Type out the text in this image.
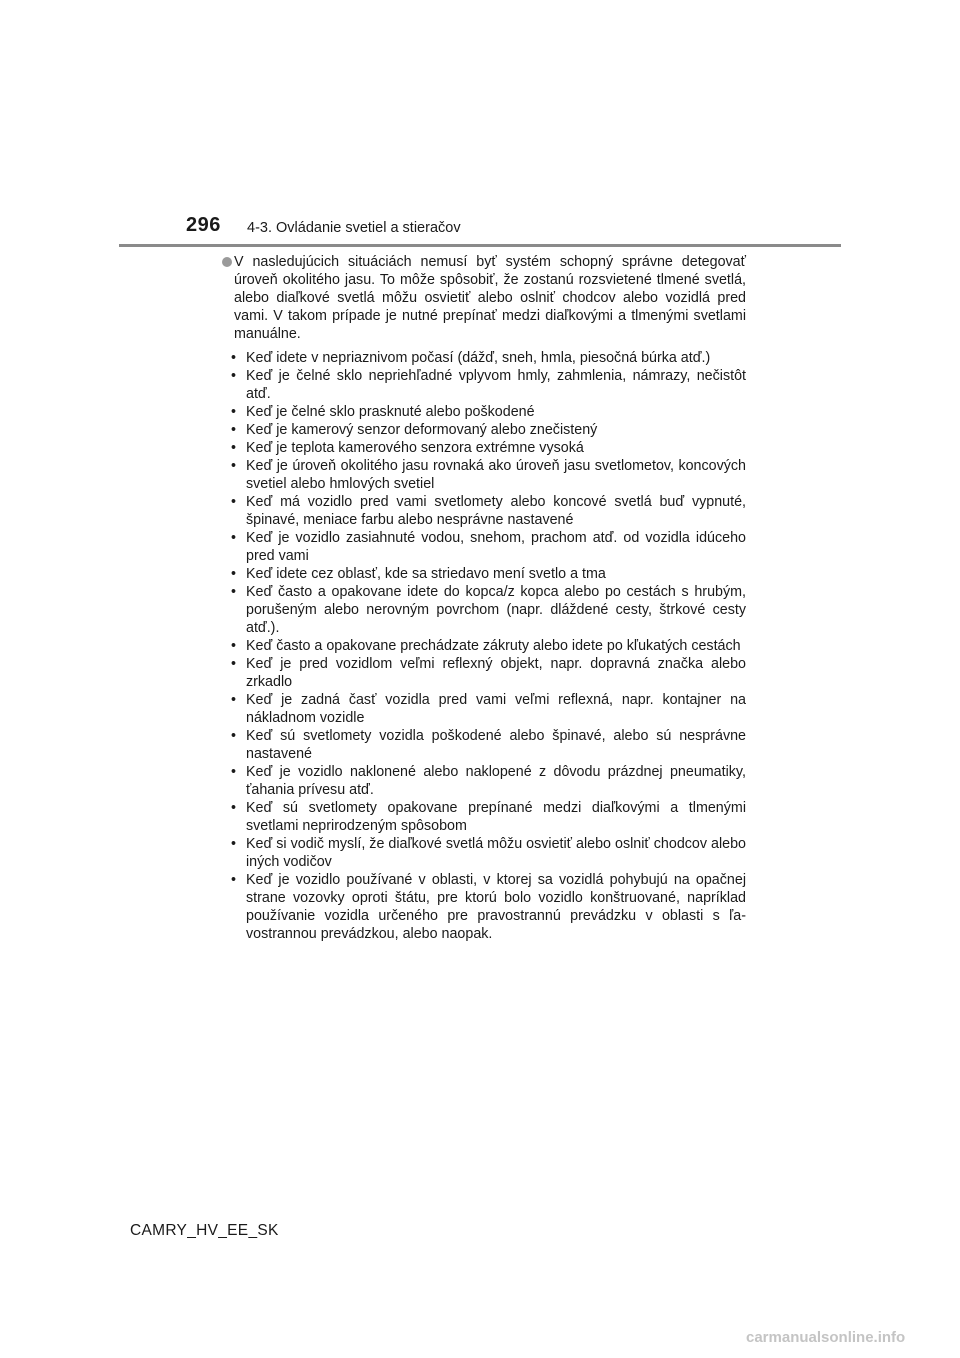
296 4-3. Ovládanie svetiel a stieračov

V nasledujúcich situáciách nemusí byť systém schopný správne detegovať úroveň okolitého jasu. To môže spôsobiť, že zostanú rozsvietené tlmené svetlá, alebo diaľkové svetlá môžu osvietiť alebo oslniť chodcov alebo vozidlá pred vami. V takom prípade je nutné prepínať medzi diaľkovými a tlmenými svetlami manuálne.

• Keď idete v nepriaznivom počasí (dážď, sneh, hmla, piesočná búrka atď.)
• Keď je čelné sklo nepriehľadné vplyvom hmly, zahmlenia, námrazy, nečistôt atď.
• Keď je čelné sklo prasknuté alebo poškodené
• Keď je kamerový senzor deformovaný alebo znečistený
• Keď je teplota kamerového senzora extrémne vysoká
• Keď je úroveň okolitého jasu rovnaká ako úroveň jasu svetlometov, koncových svetiel alebo hmlových svetiel
• Keď má vozidlo pred vami svetlomety alebo koncové svetlá buď vypnuté, špinavé, meniace farbu alebo nesprávne nastavené
• Keď je vozidlo zasiahnuté vodou, snehom, prachom atď. od vozidla idúceho pred vami
• Keď idete cez oblasť, kde sa striedavo mení svetlo a tma
• Keď často a opakovane idete do kopca/z kopca alebo po cestách s hrubým, porušeným alebo nerovným povrchom (napr. dláždené cesty, štrkové cesty atď.).
• Keď často a opakovane prechádzate zákruty alebo idete po kľukatých cestách
• Keď je pred vozidlom veľmi reflexný objekt, napr. dopravná značka alebo zrkadlo
• Keď je zadná časť vozidla pred vami veľmi reflexná, napr. kontajner na nákladnom vozidle
• Keď sú svetlomety vozidla poškodené alebo špinavé, alebo sú nesprávne nastavené
• Keď je vozidlo naklonené alebo naklopené z dôvodu prázdnej pneumatiky, ťahania prívesu atď.
• Keď sú svetlomety opakovane prepínané medzi diaľkovými a tlmenými svetlami neprirodzeným spôsobom
• Keď si vodič myslí, že diaľkové svetlá môžu osvietiť alebo oslniť chodcov alebo iných vodičov
• Keď je vozidlo používané v oblasti, v ktorej sa vozidlá pohybujú na opačnej strane vozovky oproti štátu, pre ktorú bolo vozidlo konštruované, napríklad používanie vozidla určeného pre pravostrannú prevádzku v oblasti s ľavostrannou prevádzkou, alebo naopak.
CAMRY_HV_EE_SK
carmanualsonline.info
